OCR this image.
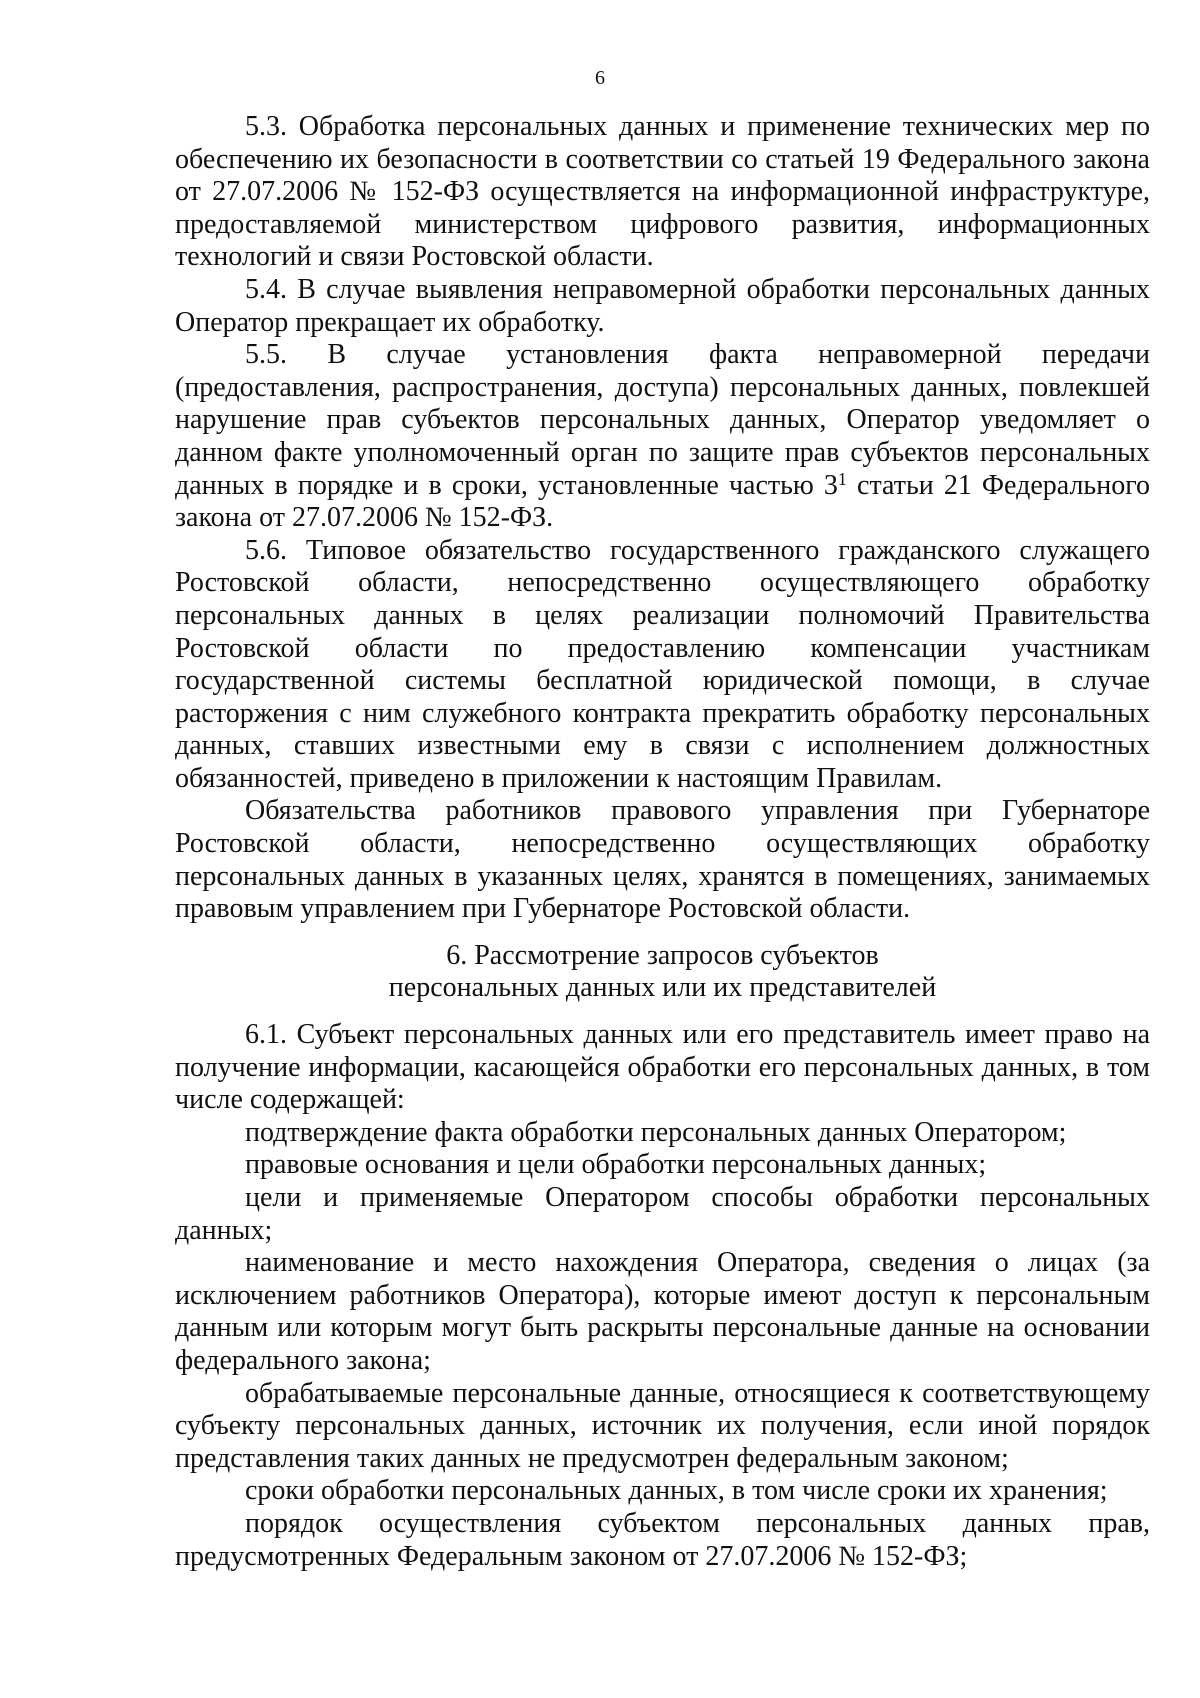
6

5.3. Обработка персональных данных и применение технических мер по обеспечению их безопасности в соответствии со статьей 19 Федерального закона от 27.07.2006 № 152-ФЗ осуществляется на информационной инфраструктуре, предоставляемой министерством цифрового развития, информационных технологий и связи Ростовской области.

5.4. В случае выявления неправомерной обработки персональных данных Оператор прекращает их обработку.

5.5. В случае установления факта неправомерной передачи (предоставления, распространения, доступа) персональных данных, повлекшей нарушение прав субъектов персональных данных, Оператор уведомляет о данном факте уполномоченный орган по защите прав субъектов персональных данных в порядке и в сроки, установленные частью 3$^1$ статьи 21 Федерального закона от 27.07.2006 № 152-ФЗ.

5.6. Типовое обязательство государственного гражданского служащего Ростовской области, непосредственно осуществляющего обработку персональных данных в целях реализации полномочий Правительства Ростовской области по предоставлению компенсации участникам государственной системы бесплатной юридической помощи, в случае расторжения с ним служебного контракта прекратить обработку персональных данных, ставших известными ему в связи с исполнением должностных обязанностей, приведено в приложении к настоящим Правилам.

Обязательства работников правового управления при Губернаторе Ростовской области, непосредственно осуществляющих обработку персональных данных в указанных целях, хранятся в помещениях, занимаемых правовым управлением при Губернаторе Ростовской области.

6. Рассмотрение запросов субъектов
персональных данных или их представителей

6.1. Субъект персональных данных или его представитель имеет право на получение информации, касающейся обработки его персональных данных, в том числе содержащей:

подтверждение факта обработки персональных данных Оператором;

правовые основания и цели обработки персональных данных;

цели и применяемые Оператором способы обработки персональных данных;

наименование и место нахождения Оператора, сведения о лицах (за исключением работников Оператора), которые имеют доступ к персональным данным или которым могут быть раскрыты персональные данные на основании федерального закона;

обрабатываемые персональные данные, относящиеся к соответствующему субъекту персональных данных, источник их получения, если иной порядок представления таких данных не предусмотрен федеральным законом;

сроки обработки персональных данных, в том числе сроки их хранения;

порядок осуществления субъектом персональных данных прав, предусмотренных Федеральным законом от 27.07.2006 № 152-ФЗ;
